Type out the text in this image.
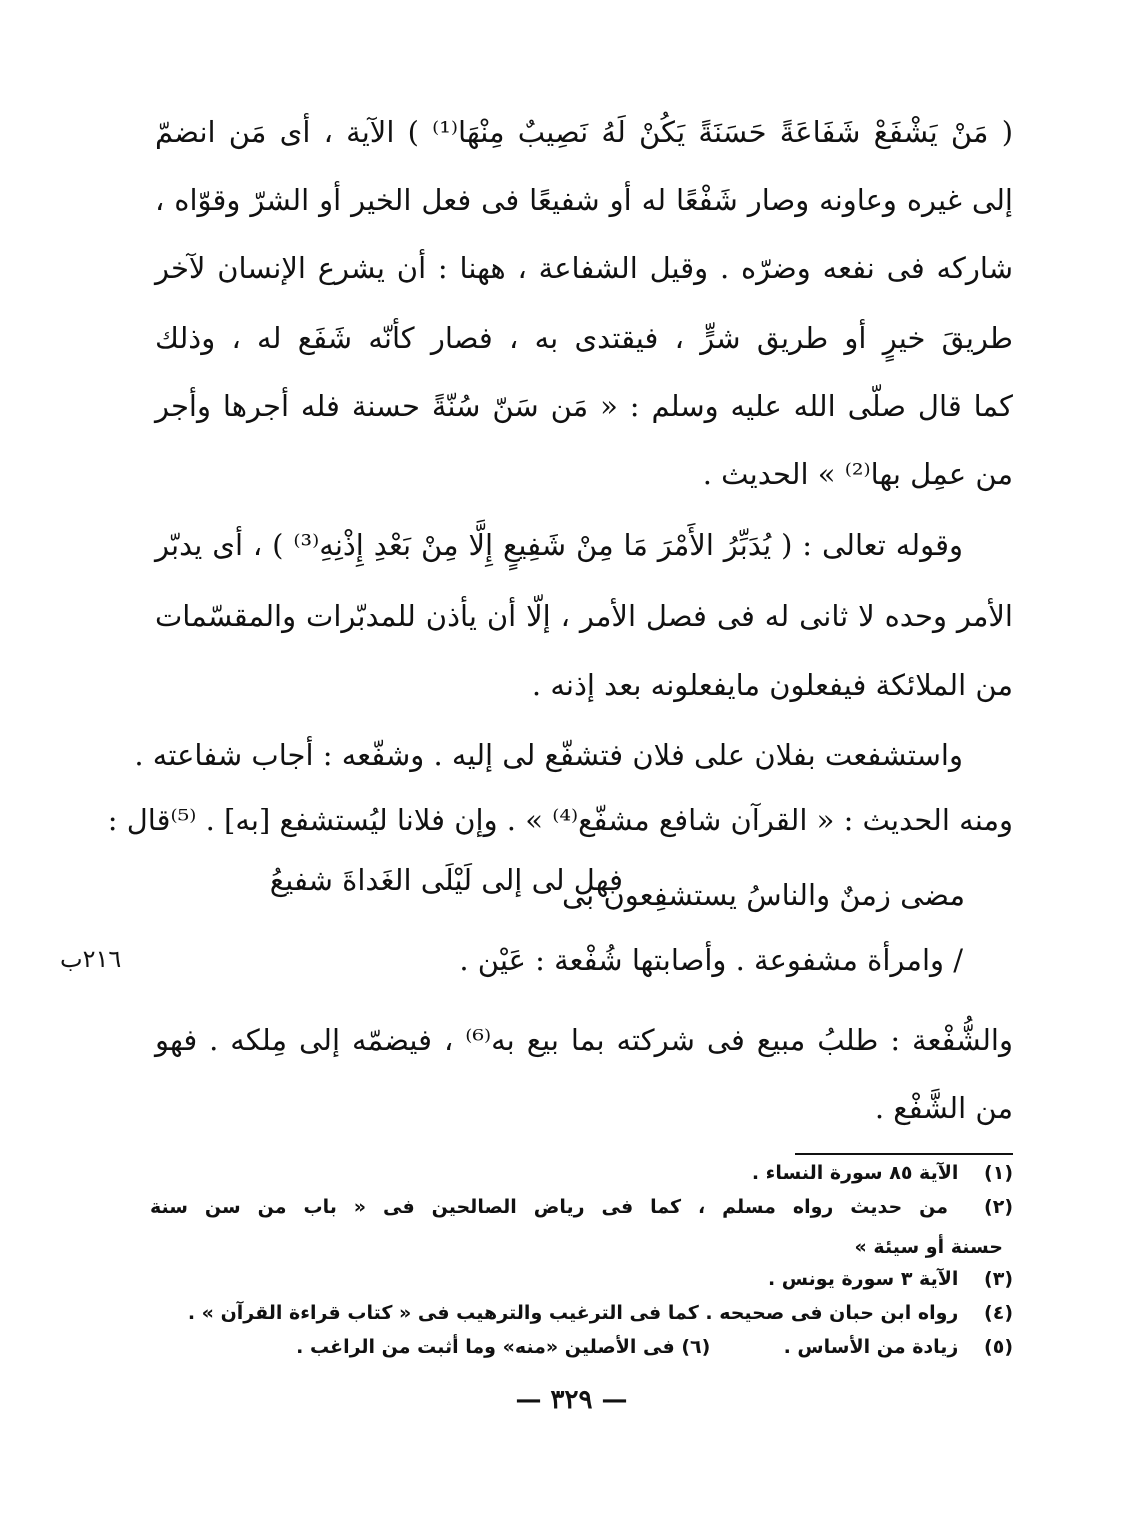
( مَنْ يَشْفَعْ شَفَاعَةً حَسَنَةً يَكُنْ لَهُ نَصِيبٌ مِنْهَا⁽¹⁾ ) الآية ، أى مَن انضمّ
إلى غيره وعاونه وصار شَفْعًا له أو شفيعًا فى فعل الخير أو الشرّ وقوّاه ،
شاركه فى نفعه وضرّه . وقيل الشفاعة ، ههنا : أن يشرع الإنسان لآخر
طريقَ خيرٍ أو طريق شرٍّ ، فيقتدى به ، فصار كأنّه شَفَع له ، وذلك
كما قال صلّى الله عليه وسلم : « مَن سَنّ سُنّةً حسنة فله أجرها وأجر
من عمِل بها⁽²⁾ » الحديث .
وقوله تعالى : ( يُدَبِّرُ الأَمْرَ مَا مِنْ شَفِيعٍ إِلَّا مِنْ بَعْدِ إِذْنِهِ⁽³⁾ ) ، أى يدبّر
الأمر وحده لا ثانى له فى فصل الأمر ، إلّا أن يأذن للمدبّرات والمقسّمات
من الملائكة فيفعلون مايفعلونه بعد إذنه .
واستشفعت بفلان على فلان فتشفّع لى إليه . وشفّعه : أجاب شفاعته .
ومنه الحديث : « القرآن شافع مشفّع⁽⁴⁾ » . وإن فلانا ليُستشفع [به] . ⁽⁵⁾قال :
مضى زمنٌ والناسُ يستشفِعون بى
فهل لى إلى لَيْلَى الغَداةَ شفيعُ
/ وامرأة مشفوعة . وأصابتها شُفْعة : عَيْن .
٢١٦ب
والشُّفْعة : طلبُ مبيع فى شركته بما بيع به⁽⁶⁾ ، فيضمّه إلى مِلكه . فهو
من الشَّفْع .
(١) الآية ٨٥ سورة النساء .
(٢) من حديث رواه مسلم ، كما فى رياض الصالحين فى « باب من سن سنة
حسنة أو سيئة »
(٣) الآية ٣ سورة يونس .
(٤) رواه ابن حبان فى صحيحه . كما فى الترغيب والترهيب فى « كتاب قراءة القرآن » .
(٥) زيادة من الأساس .  (٦) فى الأصلين «منه» وما أثبت من الراغب .
— ٣٢٩ —
